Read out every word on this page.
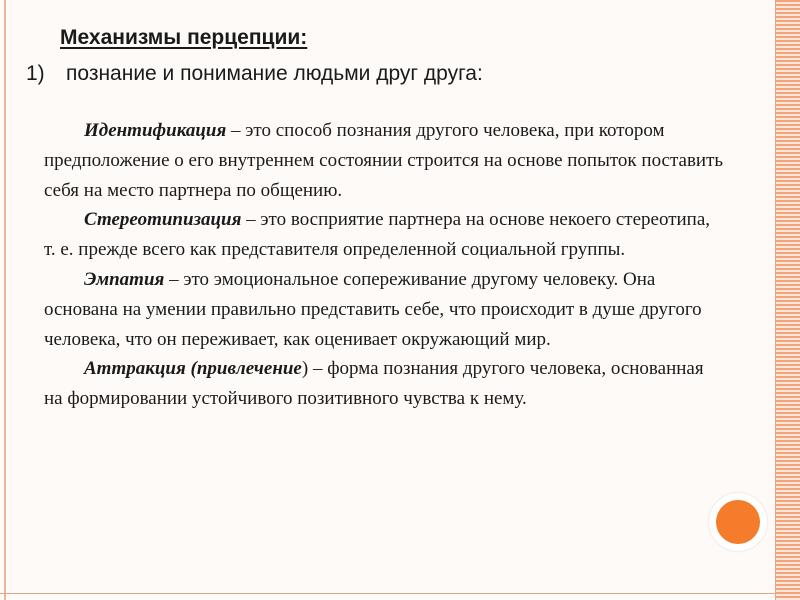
Механизмы перцепции:

1) познание и понимание людьми друг друга:

Идентификация – это способ познания другого человека, при котором предположение о его внутреннем состоянии строится на основе попыток поставить себя на место партнера по общению.

Стереотипизация – это восприятие партнера на основе некоего стереотипа, т. е. прежде всего как представителя определенной социальной группы.

Эмпатия – это эмоциональное сопереживание другому человеку. Она основана на умении правильно представить себе, что происходит в душе другого человека, что он переживает, как оценивает окружающий мир.

Аттракция (привлечение) – форма познания другого человека, основанная на формировании устойчивого позитивного чувства к нему.
